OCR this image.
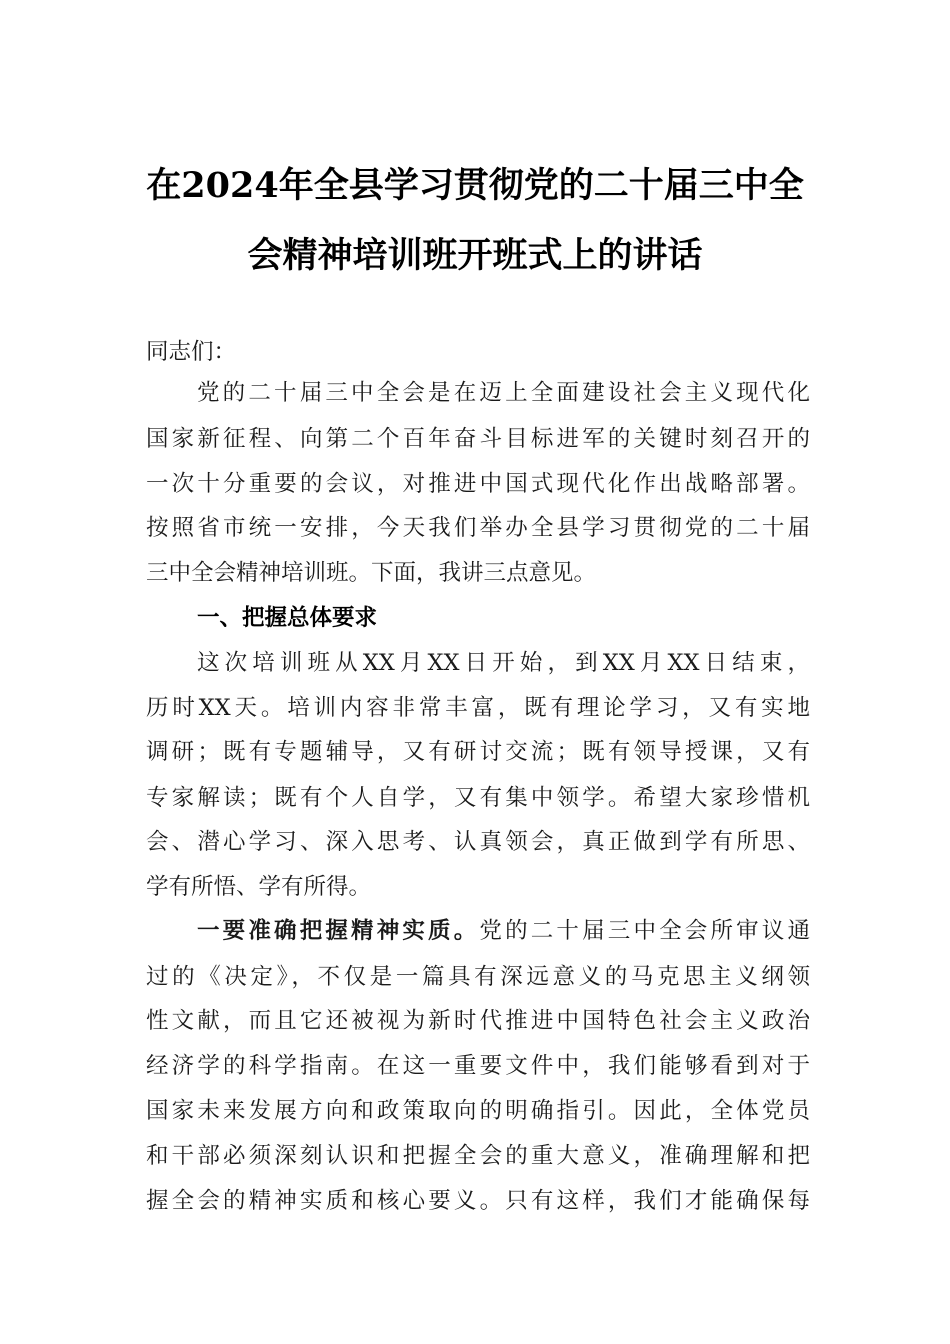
在2024年全县学习贯彻党的二十届三中全
会精神培训班开班式上的讲话
同志们：
党的二十届三中全会是在迈上全面建设社会主义现代化
国家新征程、向第二个百年奋斗目标进军的关键时刻召开的
一次十分重要的会议，对推进中国式现代化作出战略部署。
按照省市统一安排，今天我们举办全县学习贯彻党的二十届
三中全会精神培训班。下面，我讲三点意见。
一、把握总体要求
这次培训班从XX月XX日开始，到XX月XX日结束，
历时XX天。培训内容非常丰富，既有理论学习，又有实地
调研；既有专题辅导，又有研讨交流；既有领导授课，又有
专家解读；既有个人自学，又有集中领学。希望大家珍惜机
会、潜心学习、深入思考、认真领会，真正做到学有所思、
学有所悟、学有所得。
一要准确把握精神实质。党的二十届三中全会所审议通
过的《决定》，不仅是一篇具有深远意义的马克思主义纲领
性文献，而且它还被视为新时代推进中国特色社会主义政治
经济学的科学指南。在这一重要文件中，我们能够看到对于
国家未来发展方向和政策取向的明确指引。因此，全体党员
和干部必须深刻认识和把握全会的重大意义，准确理解和把
握全会的精神实质和核心要义。只有这样，我们才能确保每
